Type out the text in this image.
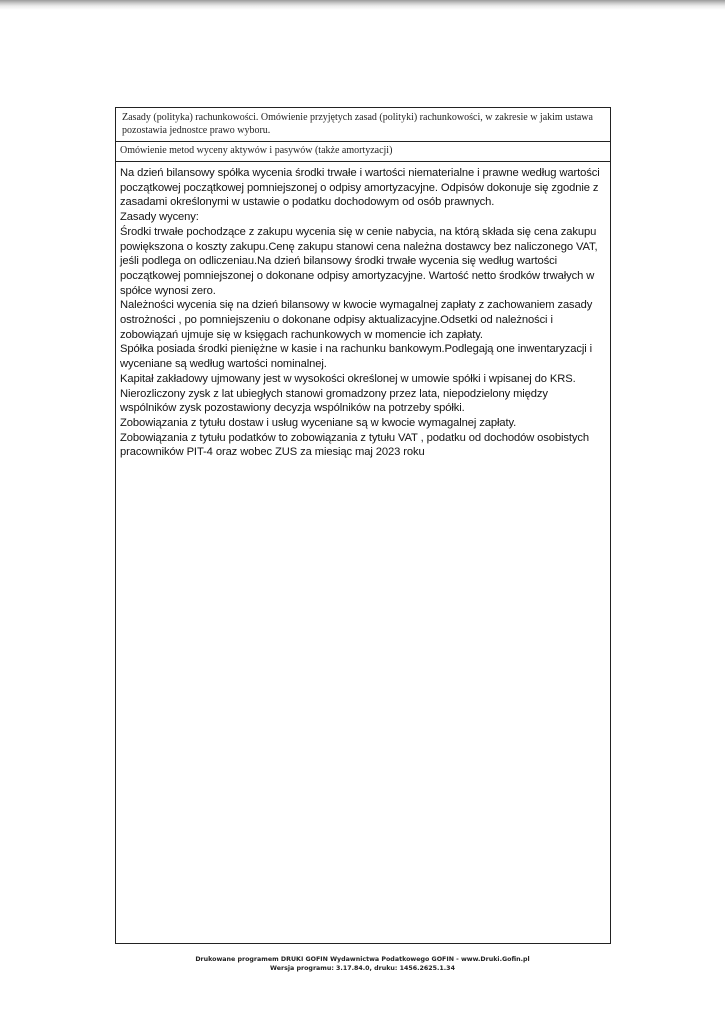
Zasady (polityka) rachunkowości. Omówienie przyjętych zasad (polityki) rachunkowości, w zakresie w jakim ustawa pozostawia jednostce prawo wyboru.
Omówienie metod wyceny aktywów i pasywów (także amortyzacji)

Na dzień bilansowy spółka wycenia środki trwałe i wartości niematerialne i prawne według wartości początkowej początkowej pomniejszonej o odpisy amortyzacyjne. Odpisów dokonuje się zgodnie z zasadami określonymi w ustawie o podatku dochodowym od osób prawnych.

Zasady wyceny:

Środki trwałe pochodzące z zakupu wycenia się w cenie nabycia, na którą składa się cena zakupu powiększona o koszty zakupu.Cenę zakupu stanowi cena należna dostawcy bez naliczonego VAT, jeśli podlega on odliczeniau.Na dzień bilansowy środki trwałe wycenia się według wartości początkowej pomniejszonej o dokonane odpisy amortyzacyjne. Wartość netto środków trwałych w spółce wynosi zero.

Należności wycenia się na dzień bilansowy w kwocie wymagalnej zapłaty z zachowaniem zasady ostrożności , po pomniejszeniu o dokonane odpisy aktualizacyjne.Odsetki od należności i zobowiązań ujmuje się w księgach rachunkowych w momencie ich zapłaty.

Spółka posiada środki pieniężne w kasie i na rachunku bankowym.Podlegają one inwentaryzacji i wyceniane są według wartości nominalnej.

Kapitał zakładowy ujmowany jest w wysokości określonej w umowie spółki i wpisanej do KRS.

Nierozliczony zysk z lat ubiegłych stanowi gromadzony przez lata, niepodzielony między wspólników zysk pozostawiony decyzja wspólników na potrzeby spółki.

Zobowiązania z tytułu dostaw i usług wyceniane są w kwocie wymagalnej zapłaty.

Zobowiązania z tytułu podatków to zobowiązania z tytułu VAT , podatku od dochodów osobistych pracowników PIT-4 oraz wobec ZUS za miesiąc maj 2023 roku

Drukowane programem DRUKI GOFIN Wydawnictwa Podatkowego GOFIN - www.Druki.Gofin.pl
Wersja programu: 3.17.84.0, druku: 1456.2625.1.34
